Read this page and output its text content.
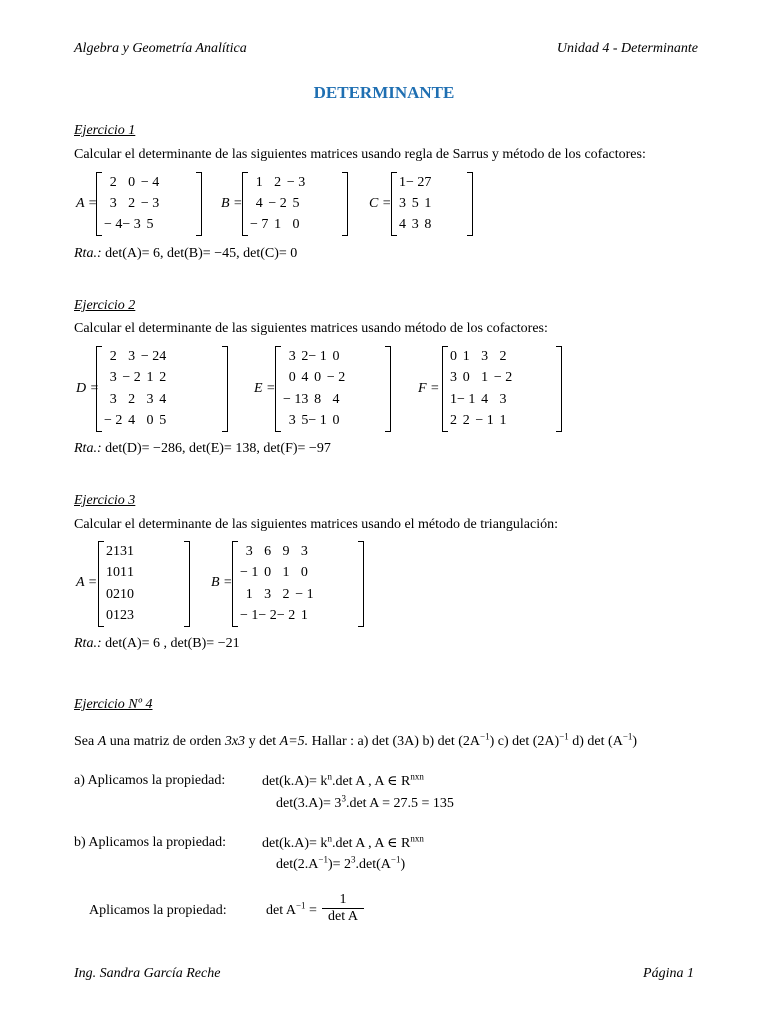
Algebra y Geometría Analítica	Unidad 4 - Determinante
DETERMINANTE
Ejercicio 1
Calcular el determinante de las siguientes matrices usando regla de Sarrus y método de los cofactores:
A =
2	0	− 4
3	2	− 3
− 4	− 3	5
B =
1	2	− 3
4	− 2	5
− 7	1	0
C =
1	− 2	7
3	5	1
4	3	8
Rta.: det(A)= 6, det(B)= −45, det(C)= 0
Ejercicio 2
Calcular el determinante de las siguientes matrices usando método de los cofactores:
D =
2	3	− 2	4
3	− 2	1	2
3	2	3	4
− 2	4	0	5
E =
3	2	− 1	0
0	4	0	− 2
− 1	3	8	4
3	5	− 1	0
F =
0	1	3	2
3	0	1	− 2
1	− 1	4	3
2	2	− 1	1
Rta.: det(D)= −286, det(E)= 138, det(F)= −97
Ejercicio 3
Calcular el determinante de las siguientes matrices usando el método de triangulación:
A =
2	1	3	1
1	0	1	1
0	2	1	0
0	1	2	3
B =
3	6	9	3
− 1	0	1	0
1	3	2	− 1
− 1	− 2	− 2	1
Rta.: det(A)= 6 , det(B)= −21
Ejercicio Nº 4
Sea A una matriz de orden 3x3 y det A=5. Hallar : a) det (3A) b) $\det (2A^{-1})$ c) $\det (2A)^{-1}$ d) $\det (A^{-1})$
a) Aplicamos la propiedad:	$\det(k.A)= k^n.\det$ A , A ∈ $R^{nxn}$
$\det(3.A)= 3^3.\det$ A = 27.5 = 135
b) Aplicamos la propiedad:	$\det(k.A)= k^n.\det$ A , A ∈ $R^{nxn}$
$\det(2.A^{-1})= 2^3.\det(A^{-1})$
Aplicamos la propiedad:	$\det A^{-1}$ =
1
det A
Ing. Sandra García Reche	Página 1
